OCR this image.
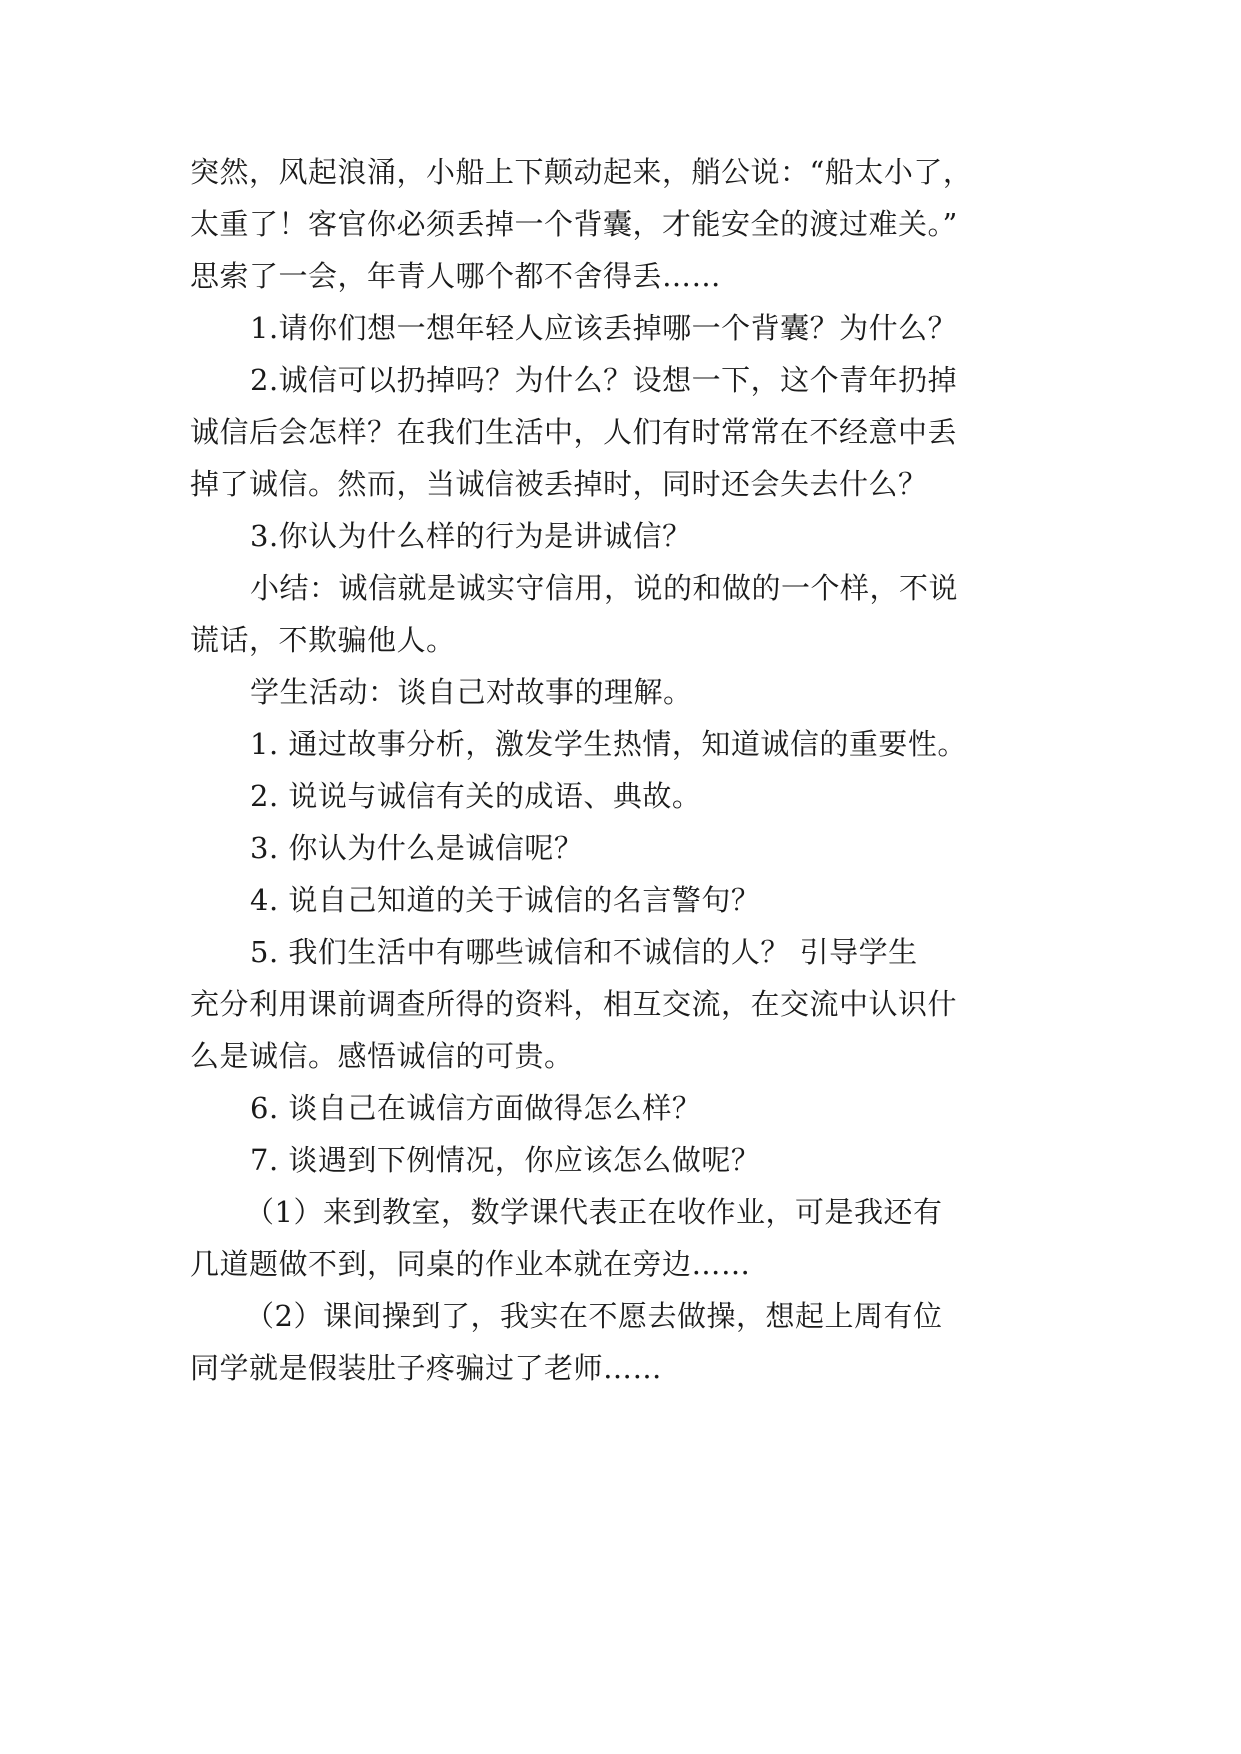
突然，风起浪涌，小船上下颠动起来，艄公说：“船太小了，
太重了！客官你必须丢掉一个背囊，才能安全的渡过难关。”
思索了一会，年青人哪个都不舍得丢……
1.请你们想一想年轻人应该丢掉哪一个背囊？为什么？
2.诚信可以扔掉吗？为什么？设想一下，这个青年扔掉
诚信后会怎样？在我们生活中，人们有时常常在不经意中丢
掉了诚信。然而，当诚信被丢掉时，同时还会失去什么？
3.你认为什么样的行为是讲诚信？
小结：诚信就是诚实守信用，说的和做的一个样，不说
谎话，不欺骗他人。
学生活动：谈自己对故事的理解。
1. 通过故事分析，激发学生热情，知道诚信的重要性。
2. 说说与诚信有关的成语、典故。
3. 你认为什么是诚信呢？
4. 说自己知道的关于诚信的名言警句？
5. 我们生活中有哪些诚信和不诚信的人？ 引导学生
充分利用课前调查所得的资料，相互交流，在交流中认识什
么是诚信。感悟诚信的可贵。
6. 谈自己在诚信方面做得怎么样？
7. 谈遇到下例情况，你应该怎么做呢？
（1）来到教室，数学课代表正在收作业，可是我还有
几道题做不到，同桌的作业本就在旁边……
（2）课间操到了，我实在不愿去做操，想起上周有位
同学就是假装肚子疼骗过了老师……
